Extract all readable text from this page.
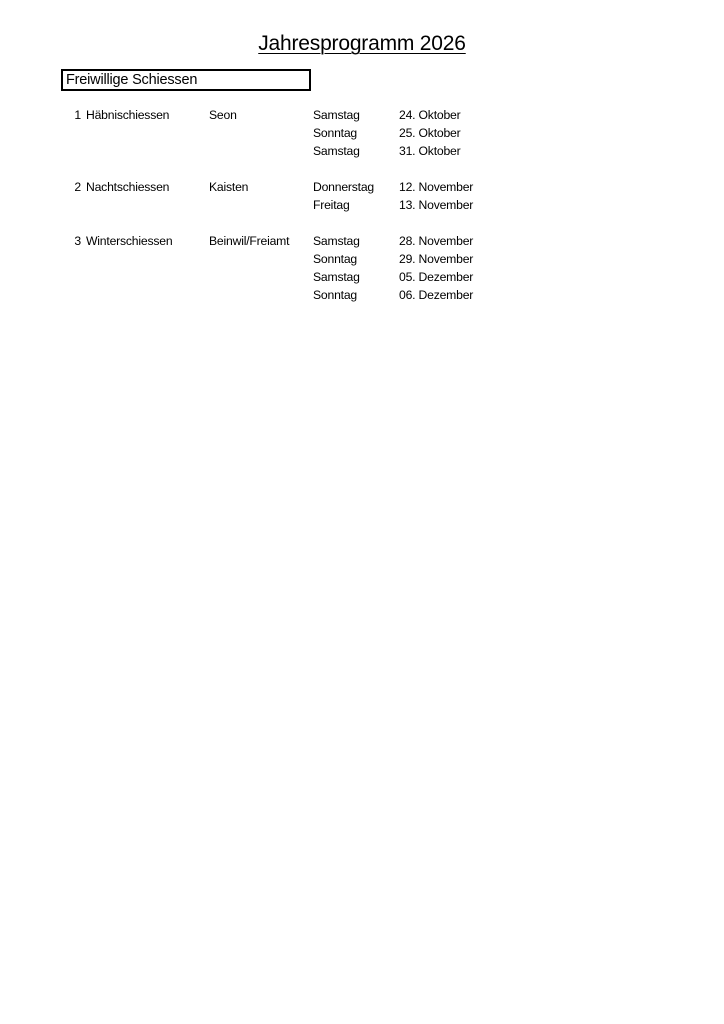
Jahresprogramm 2026
Freiwillige Schiessen
1 Häbnischiessen	Seon	Samstag	24. Oktober
Sonntag	25. Oktober
Samstag	31. Oktober
2 Nachtschiessen	Kaisten	Donnerstag 12. November
Freitag	13. November
3 Winterschiessen	Beinwil/Freiamt Samstag	28. November
Sonntag	29. November
Samstag	05. Dezember
Sonntag	06. Dezember
